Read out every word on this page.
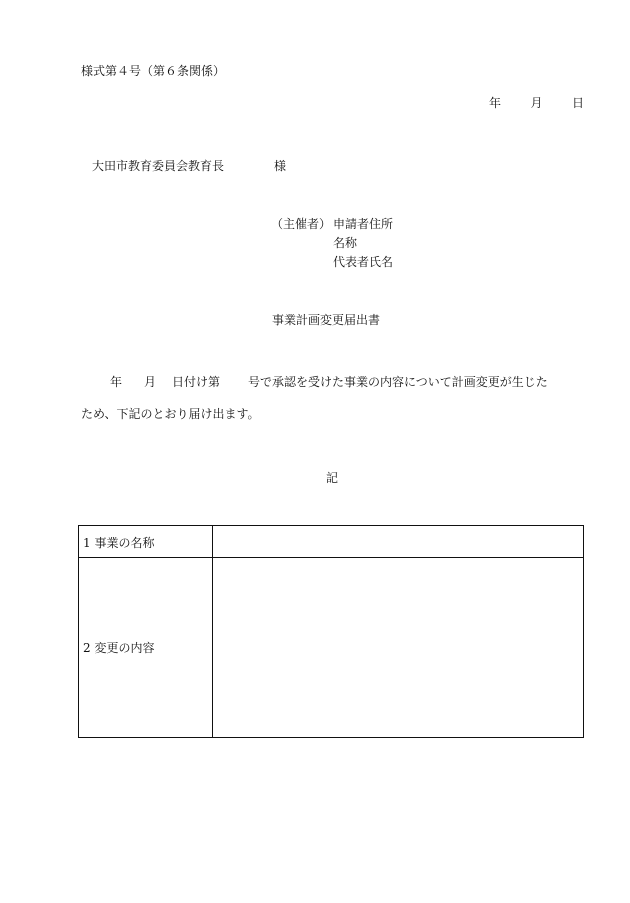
様式第４号（第６条関係）
年 月 日
大田市教育委員会教育長	様
（主催者） 申請者住所
名称
代表者氏名
事業計画変更届出書
年 月 日付け第 号で承認を受けた事業の内容について計画変更が生じた
ため、下記のとおり届け出ます。
記
1 事業の名称
2 変更の内容
